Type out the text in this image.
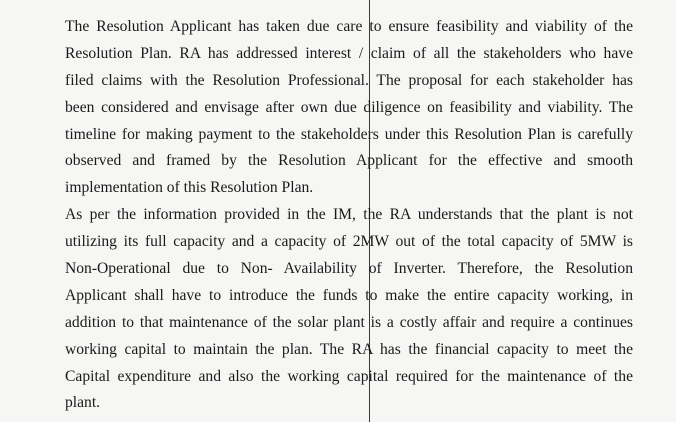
The Resolution Applicant has taken due care to ensure feasibility and viability of the
Resolution Plan. RA has addressed interest / claim of all the stakeholders who have
filed claims with the Resolution Professional. The proposal for each stakeholder has
been considered and envisage after own due diligence on feasibility and viability. The
timeline for making payment to the stakeholders under this Resolution Plan is carefully
observed and framed by the Resolution Applicant for the effective and smooth
implementation of this Resolution Plan.
As per the information provided in the IM, the RA understands that the plant is not
utilizing its full capacity and a capacity of 2MW out of the total capacity of 5MW is
Non-Operational due to Non- Availability of Inverter. Therefore, the Resolution
Applicant shall have to introduce the funds to make the entire capacity working, in
addition to that maintenance of the solar plant is a costly affair and require a continues
working capital to maintain the plan. The RA has the financial capacity to meet the
Capital expenditure and also the working capital required for the maintenance of the
plant.
